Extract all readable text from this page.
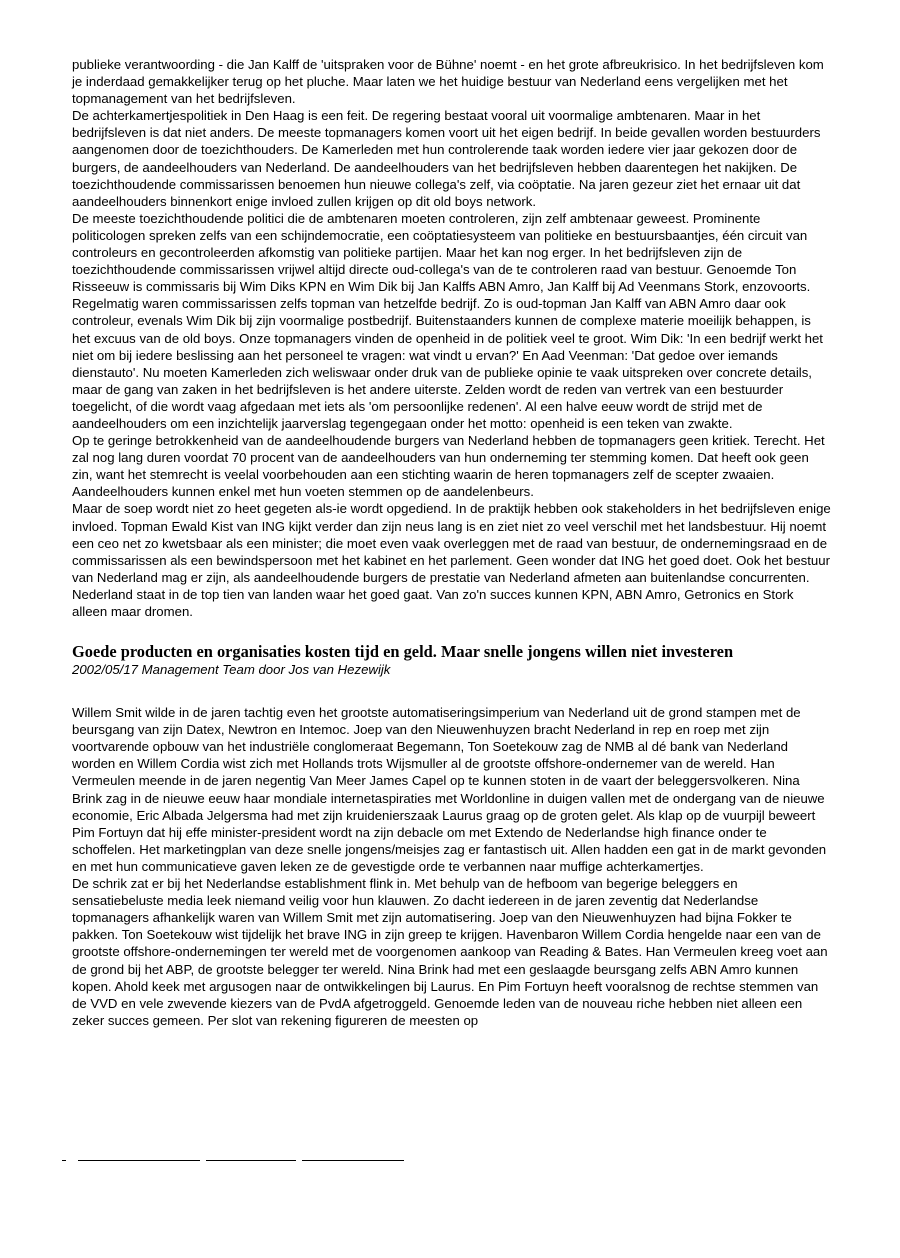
publieke verantwoording - die Jan Kalff de 'uitspraken voor de Bühne' noemt - en het grote afbreukrisico. In het bedrijfsleven kom je inderdaad gemakkelijker terug op het pluche. Maar laten we het huidige bestuur van Nederland eens vergelijken met het topmanagement van het bedrijfsleven.

De achterkamertjespolitiek in Den Haag is een feit. De regering bestaat vooral uit voormalige ambtenaren. Maar in het bedrijfsleven is dat niet anders. De meeste topmanagers komen voort uit het eigen bedrijf. In beide gevallen worden bestuurders aangenomen door de toezichthouders. De Kamerleden met hun controlerende taak worden iedere vier jaar gekozen door de burgers, de aandeelhouders van Nederland. De aandeelhouders van het bedrijfsleven hebben daarentegen het nakijken. De toezichthoudende commissarissen benoemen hun nieuwe collega's zelf, via coöptatie. Na jaren gezeur ziet het ernaar uit dat aandeelhouders binnenkort enige invloed zullen krijgen op dit old boys network.

De meeste toezichthoudende politici die de ambtenaren moeten controleren, zijn zelf ambtenaar geweest. Prominente politicologen spreken zelfs van een schijndemocratie, een coöptatiesysteem van politieke en bestuursbaantjes, één circuit van controleurs en gecontroleerden afkomstig van politieke partijen. Maar het kan nog erger. In het bedrijfsleven zijn de toezichthoudende commissarissen vrijwel altijd directe oud-collega's van de te controleren raad van bestuur. Genoemde Ton Risseeuw is commissaris bij Wim Diks KPN en Wim Dik bij Jan Kalffs ABN Amro, Jan Kalff bij Ad Veenmans Stork, enzovoorts. Regelmatig waren commissarissen zelfs topman van hetzelfde bedrijf. Zo is oud-topman Jan Kalff van ABN Amro daar ook controleur, evenals Wim Dik bij zijn voormalige postbedrijf. Buitenstaanders kunnen de complexe materie moeilijk behappen, is het excuus van de old boys. Onze topmanagers vinden de openheid in de politiek veel te groot. Wim Dik: 'In een bedrijf werkt het niet om bij iedere beslissing aan het personeel te vragen: wat vindt u ervan?' En Aad Veenman: 'Dat gedoe over iemands dienstauto'. Nu moeten Kamerleden zich weliswaar onder druk van de publieke opinie te vaak uitspreken over concrete details, maar de gang van zaken in het bedrijfsleven is het andere uiterste. Zelden wordt de reden van vertrek van een bestuurder toegelicht, of die wordt vaag afgedaan met iets als 'om persoonlijke redenen'. Al een halve eeuw wordt de strijd met de aandeelhouders om een inzichtelijk jaarverslag tegengegaan onder het motto: openheid is een teken van zwakte.

Op te geringe betrokkenheid van de aandeelhoudende burgers van Nederland hebben de topmanagers geen kritiek. Terecht. Het zal nog lang duren voordat 70 procent van de aandeelhouders van hun onderneming ter stemming komen. Dat heeft ook geen zin, want het stemrecht is veelal voorbehouden aan een stichting waarin de heren topmanagers zelf de scepter zwaaien. Aandeelhouders kunnen enkel met hun voeten stemmen op de aandelenbeurs.

Maar de soep wordt niet zo heet gegeten als-ie wordt opgediend. In de praktijk hebben ook stakeholders in het bedrijfsleven enige invloed. Topman Ewald Kist van ING kijkt verder dan zijn neus lang is en ziet niet zo veel verschil met het landsbestuur. Hij noemt een ceo net zo kwetsbaar als een minister; die moet even vaak overleggen met de raad van bestuur, de ondernemingsraad en de commissarissen als een bewindspersoon met het kabinet en het parlement. Geen wonder dat ING het goed doet. Ook het bestuur van Nederland mag er zijn, als aandeelhoudende burgers de prestatie van Nederland afmeten aan buitenlandse concurrenten. Nederland staat in de top tien van landen waar het goed gaat. Van zo'n succes kunnen KPN, ABN Amro, Getronics en Stork alleen maar dromen.

Goede producten en organisaties kosten tijd en geld. Maar snelle jongens willen niet investeren
2002/05/17 Management Team door Jos van Hezewijk

Willem Smit wilde in de jaren tachtig even het grootste automatiseringsimperium van Nederland uit de grond stampen met de beursgang van zijn Datex, Newtron en Intemoc. Joep van den Nieuwenhuyzen bracht Nederland in rep en roep met zijn voortvarende opbouw van het industriële conglomeraat Begemann, Ton Soetekouw zag de NMB al dé bank van Nederland worden en Willem Cordia wist zich met Hollands trots Wijsmuller al de grootste offshore-ondernemer van de wereld. Han Vermeulen meende in de jaren negentig Van Meer James Capel op te kunnen stoten in de vaart der beleggersvolkeren. Nina Brink zag in de nieuwe eeuw haar mondiale internetaspiraties met Worldonline in duigen vallen met de ondergang van de nieuwe economie, Eric Albada Jelgersma had met zijn kruidenierszaak Laurus graag op de groten gelet. Als klap op de vuurpijl beweert Pim Fortuyn dat hij effe minister-president wordt na zijn debacle om met Extendo de Nederlandse high finance onder te schoffelen. Het marketingplan van deze snelle jongens/meisjes zag er fantastisch uit. Allen hadden een gat in de markt gevonden en met hun communicatieve gaven leken ze de gevestigde orde te verbannen naar muffige achterkamertjes.

De schrik zat er bij het Nederlandse establishment flink in. Met behulp van de hefboom van begerige beleggers en sensatiebeluste media leek niemand veilig voor hun klauwen. Zo dacht iedereen in de jaren zeventig dat Nederlandse topmanagers afhankelijk waren van Willem Smit met zijn automatisering. Joep van den Nieuwenhuyzen had bijna Fokker te pakken. Ton Soetekouw wist tijdelijk het brave ING in zijn greep te krijgen. Havenbaron Willem Cordia hengelde naar een van de grootste offshore-ondernemingen ter wereld met de voorgenomen aankoop van Reading & Bates. Han Vermeulen kreeg voet aan de grond bij het ABP, de grootste belegger ter wereld. Nina Brink had met een geslaagde beursgang zelfs ABN Amro kunnen kopen. Ahold keek met argusogen naar de ontwikkelingen bij Laurus. En Pim Fortuyn heeft vooralsnog de rechtse stemmen van de VVD en vele zwevende kiezers van de PvdA afgetroggeld. Genoemde leden van de nouveau riche hebben niet alleen een zeker succes gemeen. Per slot van rekening figureren de meesten op
